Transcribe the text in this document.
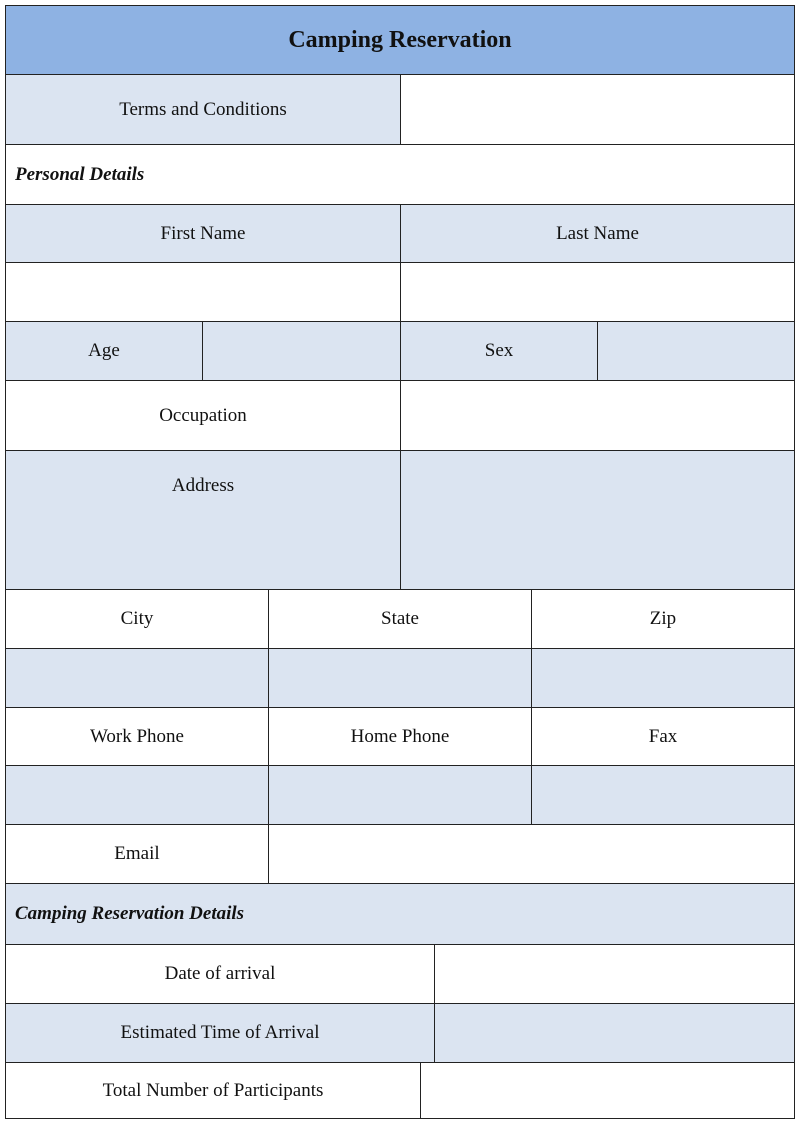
Camping Reservation
Terms and Conditions
Personal Details
First Name	Last Name
Age	Sex
Occupation
Address
City	State	Zip
Work Phone	Home Phone	Fax
Email
Camping Reservation Details
Date of arrival
Estimated Time of Arrival
Total Number of Participants
